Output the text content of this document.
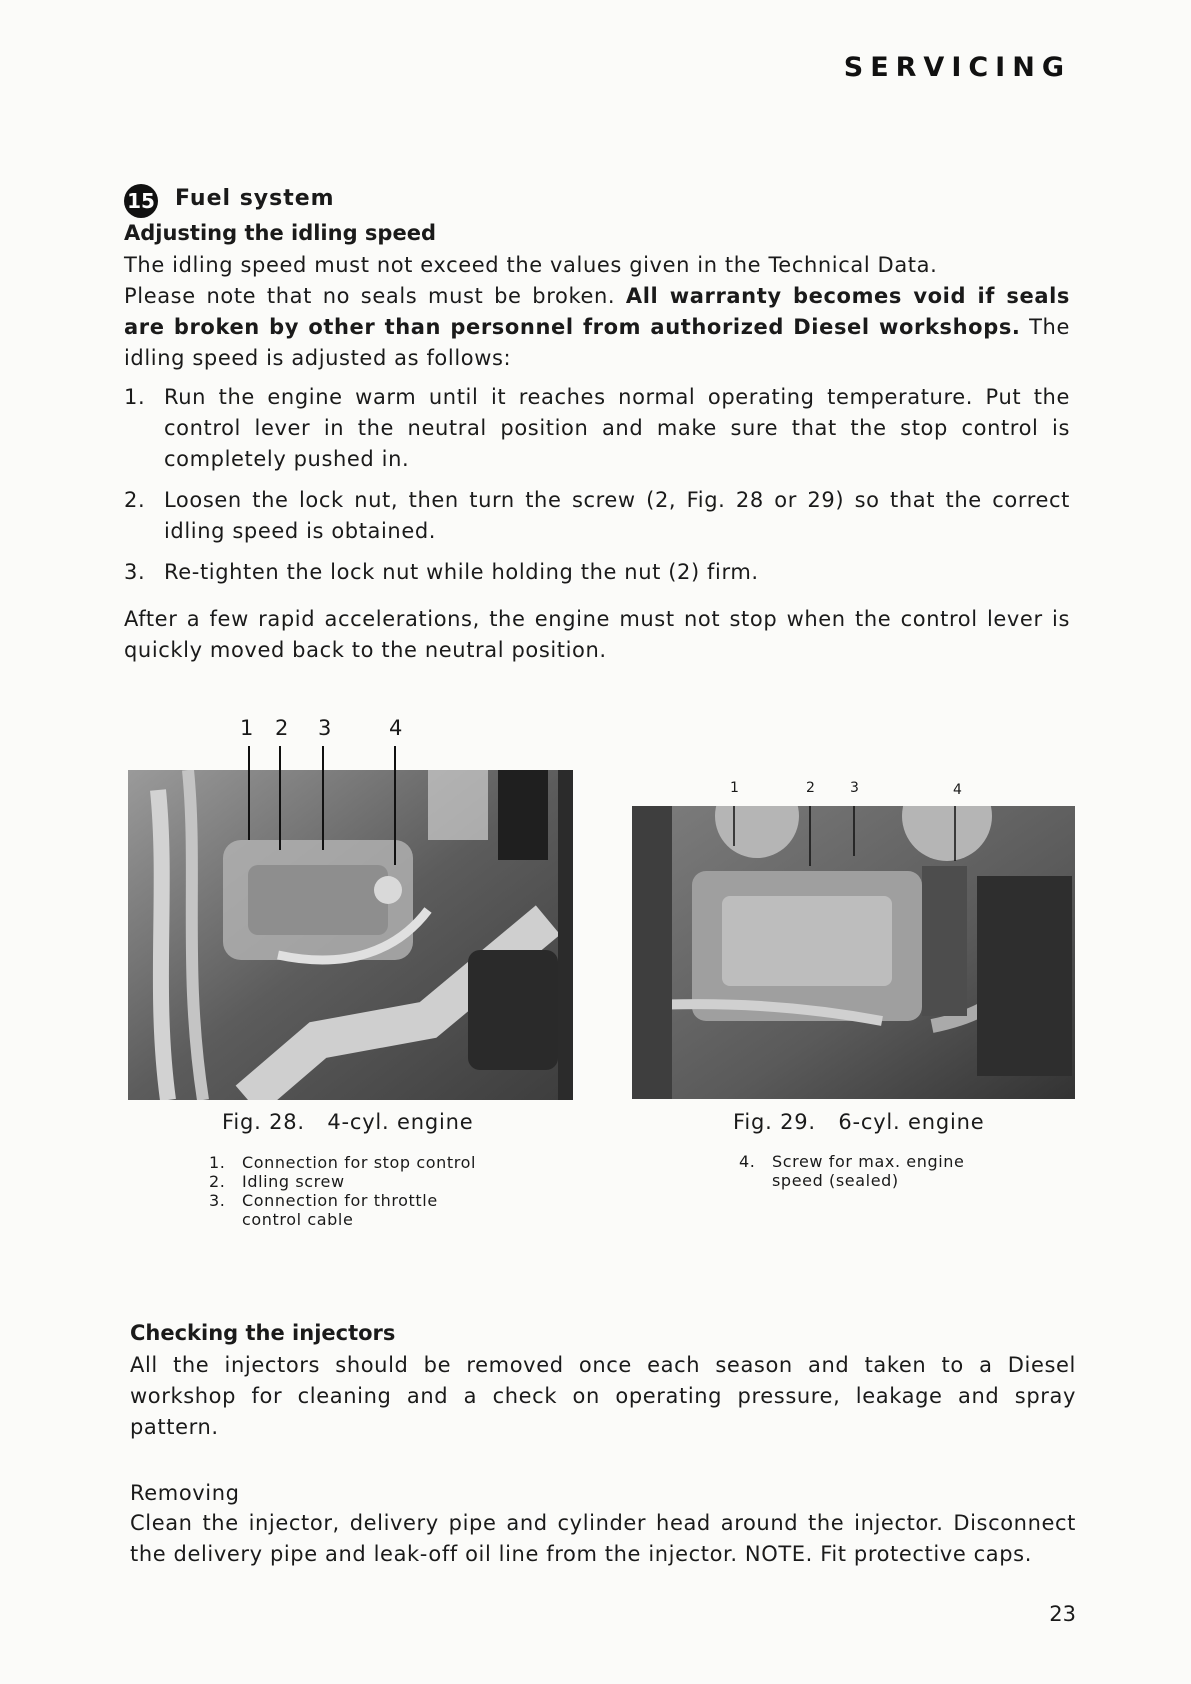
SERVICING
15 Fuel system
Adjusting the idling speed
The idling speed must not exceed the values given in the Technical Data.
Please note that no seals must be broken. All warranty becomes void if seals are broken by other than personnel from authorized Diesel workshops. The idling speed is adjusted as follows:
1. Run the engine warm until it reaches normal operating temperature. Put the control lever in the neutral position and make sure that the stop control is completely pushed in.
2. Loosen the lock nut, then turn the screw (2, Fig. 28 or 29) so that the correct idling speed is obtained.
3. Re-tighten the lock nut while holding the nut (2) firm.
After a few rapid accelerations, the engine must not stop when the control lever is quickly moved back to the neutral position.
1 2 3	4
Fig. 28. 4-cyl. engine
1.	Connection for stop control
2.	Idling screw
3.	Connection for throttle control cable
1	2 3	4
Fig. 29. 6-cyl. engine
4.	Screw for max. engine speed (sealed)
Checking the injectors
All the injectors should be removed once each season and taken to a Diesel workshop for cleaning and a check on operating pressure, leakage and spray pattern.
Removing
Clean the injector, delivery pipe and cylinder head around the injector. Disconnect the delivery pipe and leak-off oil line from the injector. NOTE. Fit protective caps.
23
